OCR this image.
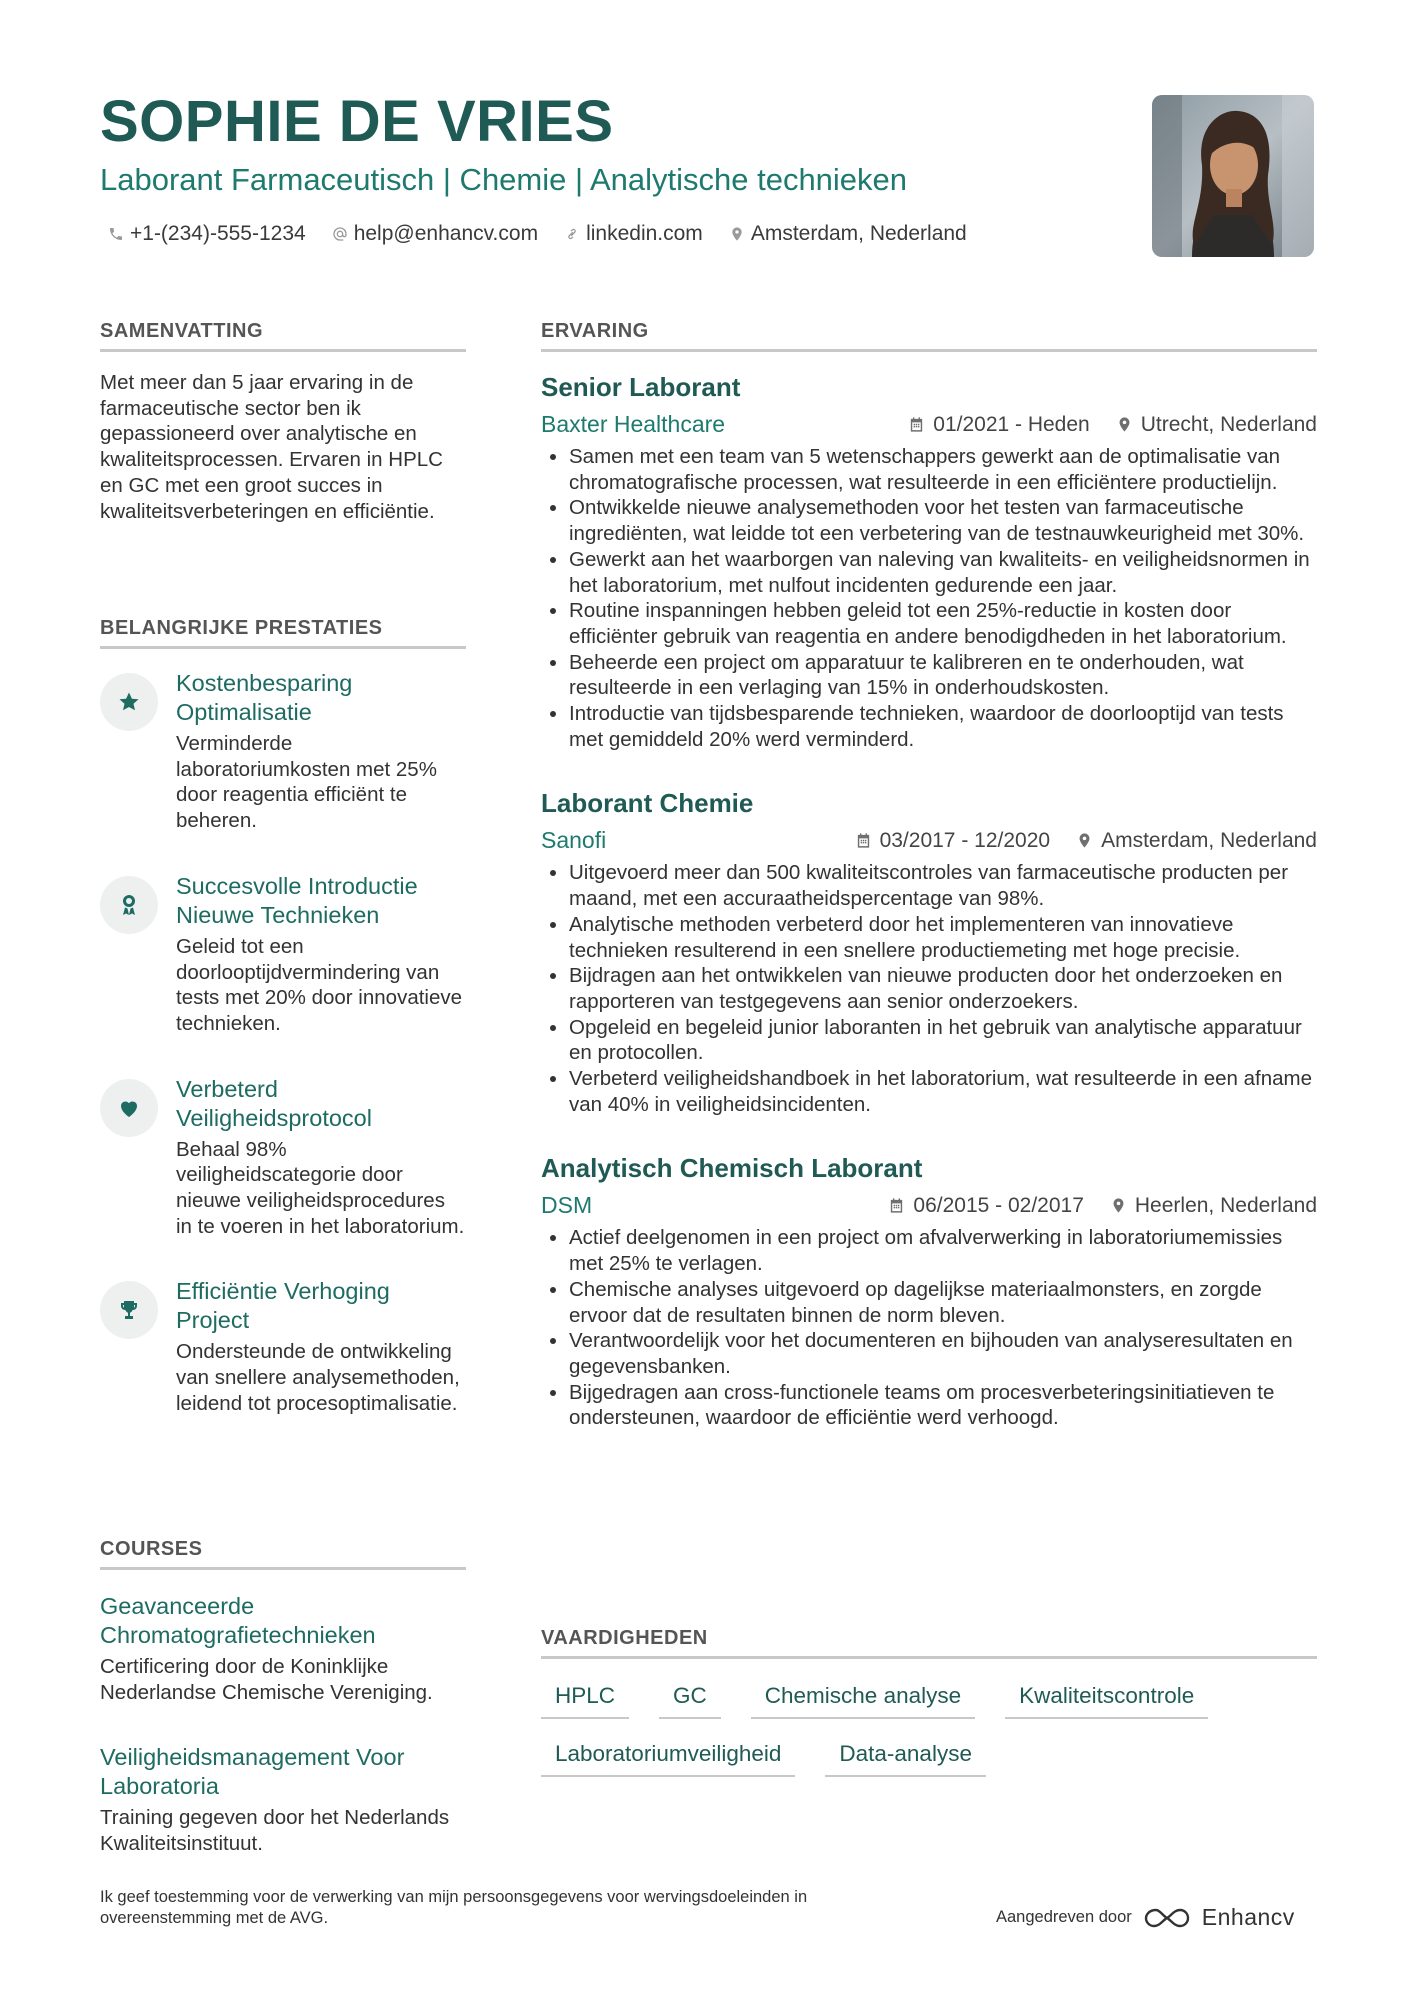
SOPHIE DE VRIES
Laborant Farmaceutisch | Chemie | Analytische technieken
+1-(234)-555-1234 help@enhancv.com linkedin.com Amsterdam, Nederland
SAMENVATTING
Met meer dan 5 jaar ervaring in de farmaceutische sector ben ik gepassioneerd over analytische en kwaliteitsprocessen. Ervaren in HPLC en GC met een groot succes in kwaliteitsverbeteringen en efficiëntie.
BELANGRIJKE PRESTATIES
Kostenbesparing Optimalisatie
Verminderde laboratoriumkosten met 25% door reagentia efficiënt te beheren.
Succesvolle Introductie Nieuwe Technieken
Geleid tot een doorlooptijdvermindering van tests met 20% door innovatieve technieken.
Verbeterd Veiligheidsprotocol
Behaal 98% veiligheidscategorie door nieuwe veiligheidsprocedures in te voeren in het laboratorium.
Efficiëntie Verhoging Project
Ondersteunde de ontwikkeling van snellere analysemethoden, leidend tot procesoptimalisatie.
COURSES
Geavanceerde Chromatografietechnieken
Certificering door de Koninklijke Nederlandse Chemische Vereniging.
Veiligheidsmanagement Voor Laboratoria
Training gegeven door het Nederlands Kwaliteitsinstituut.
ERVARING
Senior Laborant
Baxter Healthcare	01/2021 - Heden Utrecht, Nederland
• Samen met een team van 5 wetenschappers gewerkt aan de optimalisatie van chromatografische processen, wat resulteerde in een efficiëntere productielijn.
• Ontwikkelde nieuwe analysemethoden voor het testen van farmaceutische ingrediënten, wat leidde tot een verbetering van de testnauwkeurigheid met 30%.
• Gewerkt aan het waarborgen van naleving van kwaliteits- en veiligheidsnormen in het laboratorium, met nulfout incidenten gedurende een jaar.
• Routine inspanningen hebben geleid tot een 25%-reductie in kosten door efficiënter gebruik van reagentia en andere benodigdheden in het laboratorium.
• Beheerde een project om apparatuur te kalibreren en te onderhouden, wat resulteerde in een verlaging van 15% in onderhoudskosten.
• Introductie van tijdsbesparende technieken, waardoor de doorlooptijd van tests met gemiddeld 20% werd verminderd.
Laborant Chemie
Sanofi	03/2017 - 12/2020 Amsterdam, Nederland
• Uitgevoerd meer dan 500 kwaliteitscontroles van farmaceutische producten per maand, met een accuraatheidspercentage van 98%.
• Analytische methoden verbeterd door het implementeren van innovatieve technieken resulterend in een snellere productiemeting met hoge precisie.
• Bijdragen aan het ontwikkelen van nieuwe producten door het onderzoeken en rapporteren van testgegevens aan senior onderzoekers.
• Opgeleid en begeleid junior laboranten in het gebruik van analytische apparatuur en protocollen.
• Verbeterd veiligheidshandboek in het laboratorium, wat resulteerde in een afname van 40% in veiligheidsincidenten.
Analytisch Chemisch Laborant
DSM	06/2015 - 02/2017 Heerlen, Nederland
• Actief deelgenomen in een project om afvalverwerking in laboratoriumemissies met 25% te verlagen.
• Chemische analyses uitgevoerd op dagelijkse materiaalmonsters, en zorgde ervoor dat de resultaten binnen de norm bleven.
• Verantwoordelijk voor het documenteren en bijhouden van analyseresultaten en gegevensbanken.
• Bijgedragen aan cross-functionele teams om procesverbeteringsinitiatieven te ondersteunen, waardoor de efficiëntie werd verhoogd.
VAARDIGHEDEN
HPLC	GC	Chemische analyse	Kwaliteitscontrole
Laboratoriumveiligheid	Data-analyse
Ik geef toestemming voor de verwerking van mijn persoonsgegevens voor wervingsdoeleinden in overeenstemming met de AVG.	Aangedreven door	Enhancv
